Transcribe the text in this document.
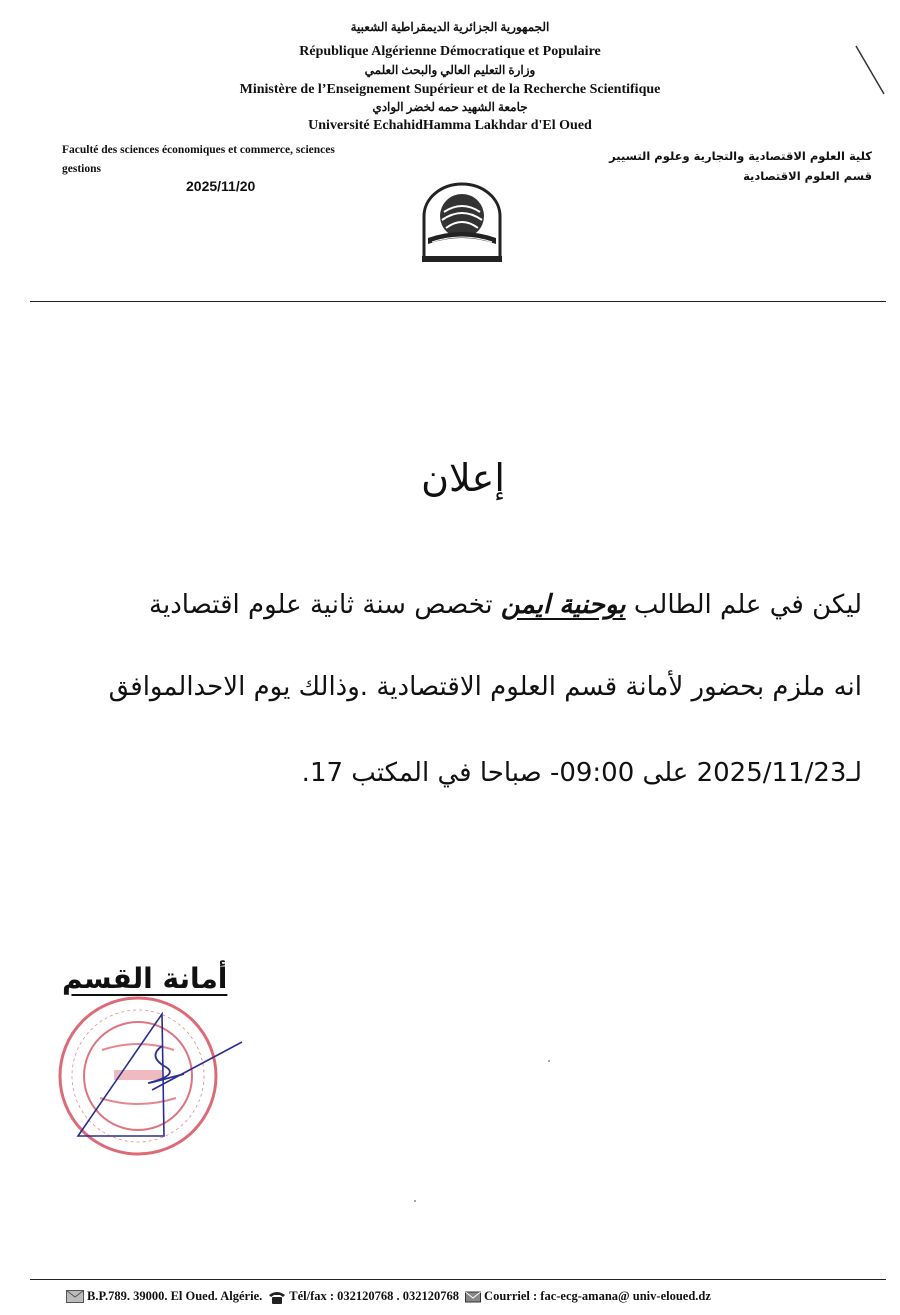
الجمهورية الجزائرية الديمقراطية الشعبية
République Algérienne Démocratique et Populaire
وزارة التعليم العالي والبحث العلمي
Ministère de l’Enseignement Supérieur et de la Recherche Scientifique
جامعة الشهيد حمه لخضر الوادي
Université EchahidHamma Lakhdar d'El Oued
Faculté des sciences économiques et commerce, sciences
gestions
2025/11/20
كلية العلوم الاقتصادية والتجارية وعلوم التسيير
قسم العلوم الاقتصادية
إعلان
ليكن في علم الطالب بوحنية ايمن تخصص سنة ثانية علوم اقتصادية
انه ملزم بحضور لأمانة قسم العلوم الاقتصادية .وذالك يوم الاحدالموافق
لـ2025/11/23 على 09:00- صباحا في المكتب 17.
أمانة القسم
B.P.789. 39000. El Oued. Algérie. Tél/fax : 032120768 . 032120768 Courriel : fac-ecg-amana@ univ-eloued.dz
